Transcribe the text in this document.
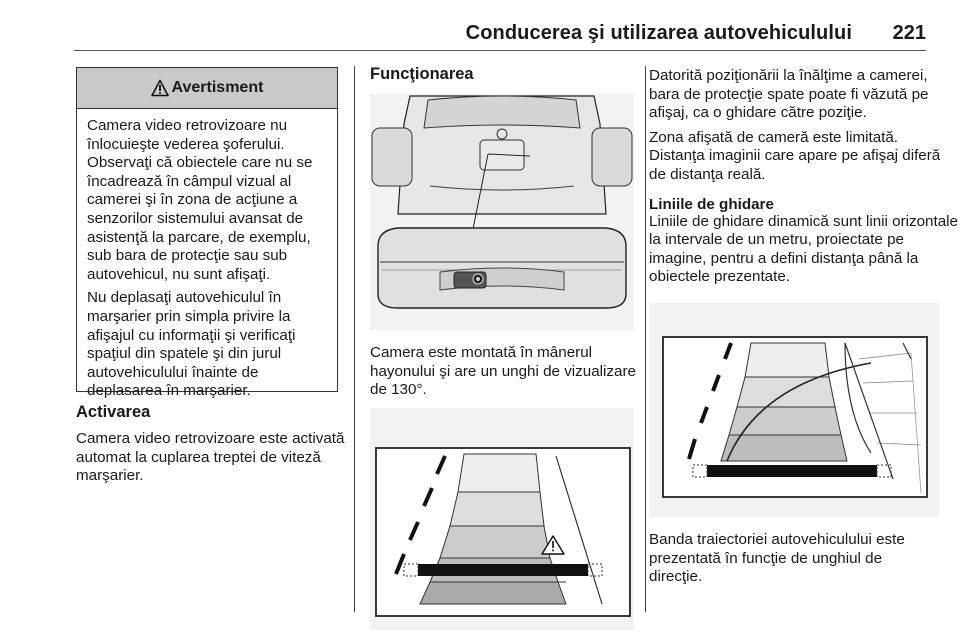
Conducerea şi utilizarea autovehiculului 221
Avertisment

Camera video retrovizoare nu înlocuieşte vederea şoferului. Observaţi că obiectele care nu se încadrează în câmpul vizual al camerei şi în zona de acţiune a senzorilor sistemului avansat de asistenţă la parcare, de exemplu, sub bara de protecţie sau sub autovehicul, nu sunt afişaţi.

Nu deplasaţi autovehiculul în marşarier prin simpla privire la afişajul cu informaţii şi verificaţi spaţiul din spatele şi din jurul autovehiculului înainte de deplasarea în marşarier.

Activarea

Camera video retrovizoare este activată automat la cuplarea treptei de viteză marşarier.

Funcţionarea

Camera este montată în mânerul hayonului şi are un unghi de vizualizare de 130°.

Datorită poziţionării la înălţime a camerei, bara de protecţie spate poate fi văzută pe afişaj, ca o ghidare către poziţie.

Zona afişată de cameră este limitată. Distanţa imaginii care apare pe afişaj diferă de distanţa reală.

Liniile de ghidare

Liniile de ghidare dinamică sunt linii orizontale la intervale de un metru, proiectate pe imagine, pentru a defini distanţa până la obiectele prezentate.

Banda traiectoriei autovehiculului este prezentată în funcţie de unghiul de direcţie.
